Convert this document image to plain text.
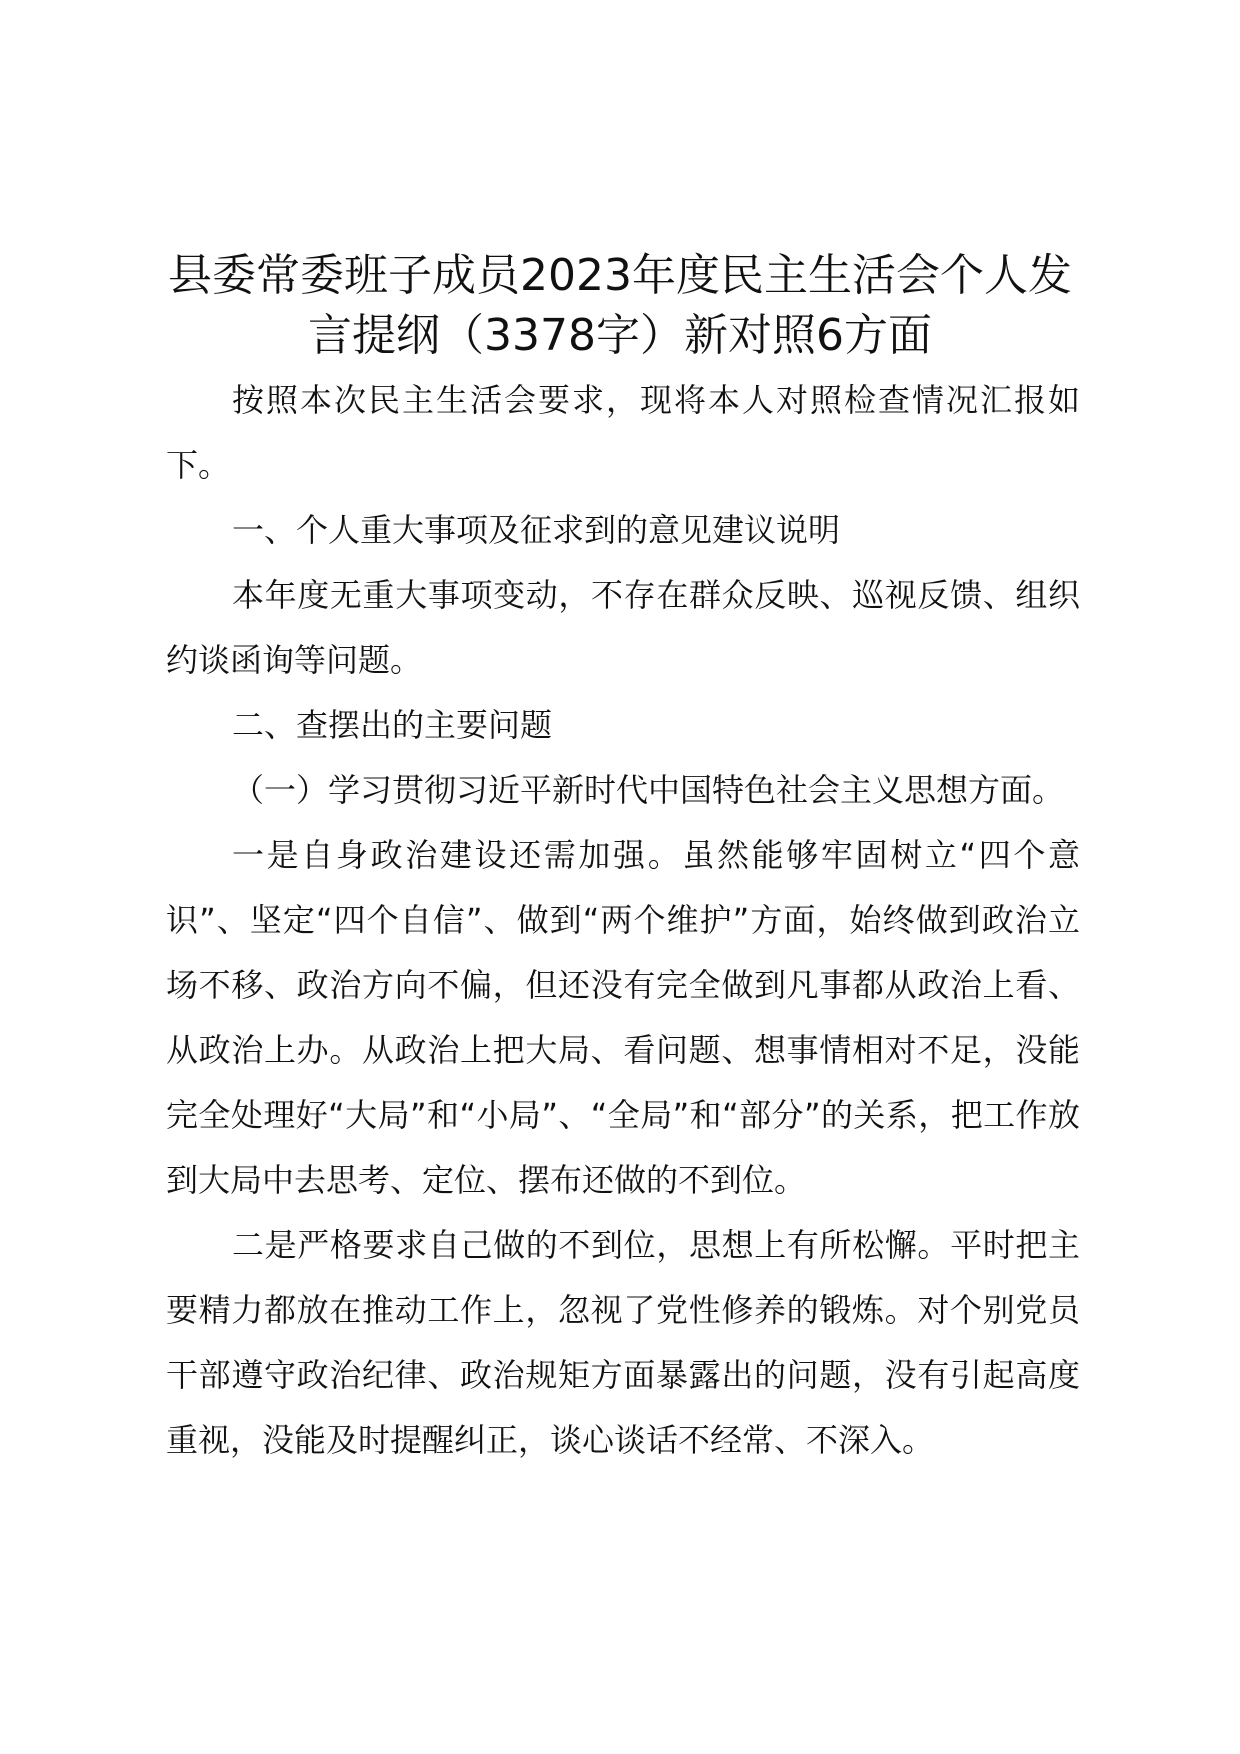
县委常委班子成员2023年度民主生活会个人发言提纲（3378字）新对照6方面

按照本次民主生活会要求，现将本人对照检查情况汇报如下。

一、个人重大事项及征求到的意见建议说明

本年度无重大事项变动，不存在群众反映、巡视反馈、组织约谈函询等问题。

二、查摆出的主要问题

（一）学习贯彻习近平新时代中国特色社会主义思想方面。

一是自身政治建设还需加强。虽然能够牢固树立“四个意识”、坚定“四个自信”、做到“两个维护”方面，始终做到政治立场不移、政治方向不偏，但还没有完全做到凡事都从政治上看、从政治上办。从政治上把大局、看问题、想事情相对不足，没能完全处理好“大局”和“小局”、“全局”和“部分”的关系，把工作放到大局中去思考、定位、摆布还做的不到位。

二是严格要求自己做的不到位，思想上有所松懈。平时把主要精力都放在推动工作上，忽视了党性修养的锻炼。对个别党员干部遵守政治纪律、政治规矩方面暴露出的问题，没有引起高度重视，没能及时提醒纠正，谈心谈话不经常、不深入。
